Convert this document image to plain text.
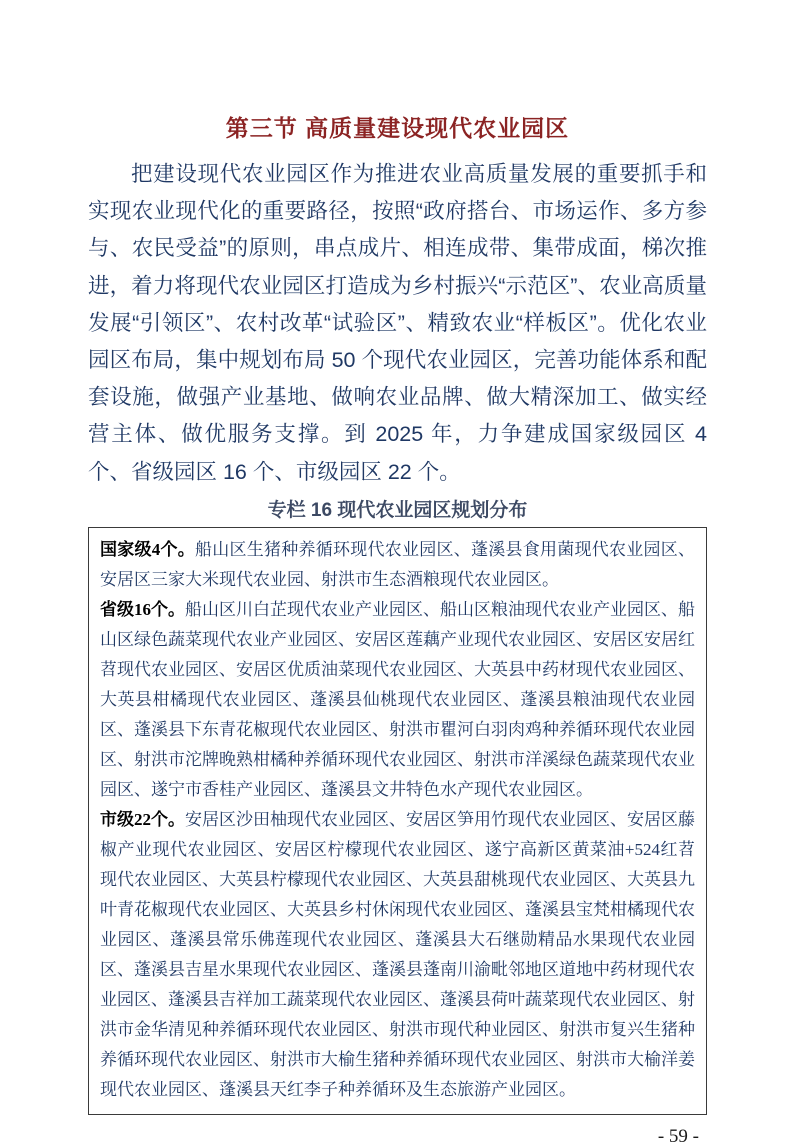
第三节 高质量建设现代农业园区

把建设现代农业园区作为推进农业高质量发展的重要抓手和实现农业现代化的重要路径，按照“政府搭台、市场运作、多方参与、农民受益”的原则，串点成片、相连成带、集带成面，梯次推进，着力将现代农业园区打造成为乡村振兴“示范区”、农业高质量发展“引领区”、农村改革“试验区”、精致农业“样板区”。优化农业园区布局，集中规划布局 50 个现代农业园区，完善功能体系和配套设施，做强产业基地、做响农业品牌、做大精深加工、做实经营主体、做优服务支撑。到 2025 年，力争建成国家级园区 4 个、省级园区 16 个、市级园区 22 个。

专栏 16 现代农业园区规划分布

国家级4个。船山区生猪种养循环现代农业园区、蓬溪县食用菌现代农业园区、安居区三家大米现代农业园、射洪市生态酒粮现代农业园区。

省级16个。船山区川白芷现代农业产业园区、船山区粮油现代农业产业园区、船山区绿色蔬菜现代农业产业园区、安居区莲藕产业现代农业园区、安居区安居红苕现代农业园区、安居区优质油菜现代农业园区、大英县中药材现代农业园区、大英县柑橘现代农业园区、蓬溪县仙桃现代农业园区、蓬溪县粮油现代农业园区、蓬溪县下东青花椒现代农业园区、射洪市瞿河白羽肉鸡种养循环现代农业园区、射洪市沱牌晚熟柑橘种养循环现代农业园区、射洪市洋溪绿色蔬菜现代农业园区、遂宁市香桂产业园区、蓬溪县文井特色水产现代农业园区。

市级22个。安居区沙田柚现代农业园区、安居区笋用竹现代农业园区、安居区藤椒产业现代农业园区、安居区柠檬现代农业园区、遂宁高新区黄菜油+524红苕现代农业园区、大英县柠檬现代农业园区、大英县甜桃现代农业园区、大英县九叶青花椒现代农业园区、大英县乡村休闲现代农业园区、蓬溪县宝梵柑橘现代农业园区、蓬溪县常乐佛莲现代农业园区、蓬溪县大石继勋精品水果现代农业园区、蓬溪县吉星水果现代农业园区、蓬溪县蓬南川渝毗邻地区道地中药材现代农业园区、蓬溪县吉祥加工蔬菜现代农业园区、蓬溪县荷叶蔬菜现代农业园区、射洪市金华清见种养循环现代农业园区、射洪市现代种业园区、射洪市复兴生猪种养循环现代农业园区、射洪市大榆生猪种养循环现代农业园区、射洪市大榆洋姜现代农业园区、蓬溪县天红李子种养循环及生态旅游产业园区。

- 59 -
